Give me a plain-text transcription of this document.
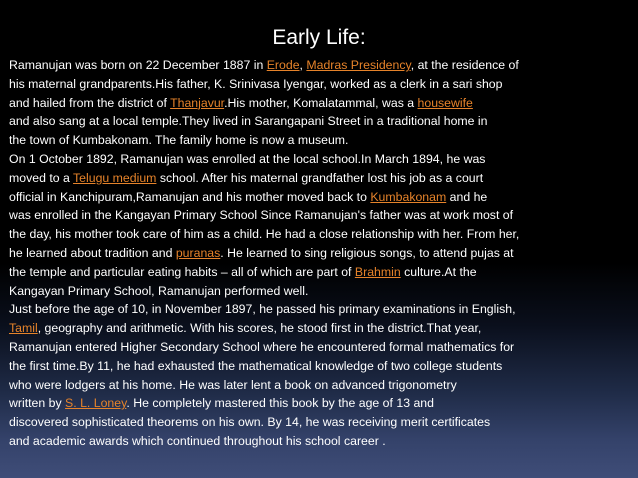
Early Life:
Ramanujan was born on 22 December 1887 in Erode, Madras Presidency, at the residence of
his maternal grandparents.His father, K. Srinivasa Iyengar, worked as a clerk in a sari shop
and hailed from the district of Thanjavur.His mother, Komalatammal, was a housewife
and also sang at a local temple.They lived in Sarangapani Street in a traditional home in
the town of Kumbakonam. The family home is now a museum.
On 1 October 1892, Ramanujan was enrolled at the local school.In March 1894, he was
moved to a Telugu medium school. After his maternal grandfather lost his job as a court
official in Kanchipuram,Ramanujan and his mother moved back to Kumbakonam and he
was enrolled in the Kangayan Primary School Since Ramanujan's father was at work most of
the day, his mother took care of him as a child. He had a close relationship with her. From her,
he learned about tradition and puranas. He learned to sing religious songs, to attend pujas at
the temple and particular eating habits – all of which are part of Brahmin culture.At the
Kangayan Primary School, Ramanujan performed well.
Just before the age of 10, in November 1897, he passed his primary examinations in English,
Tamil, geography and arithmetic. With his scores, he stood first in the district.That year,
Ramanujan entered Higher Secondary School where he encountered formal mathematics for
the first time.By 11, he had exhausted the mathematical knowledge of two college students
who were lodgers at his home. He was later lent a book on advanced trigonometry
written by S. L. Loney. He completely mastered this book by the age of 13 and
discovered sophisticated theorems on his own. By 14, he was receiving merit certificates
and academic awards which continued throughout his school career .
